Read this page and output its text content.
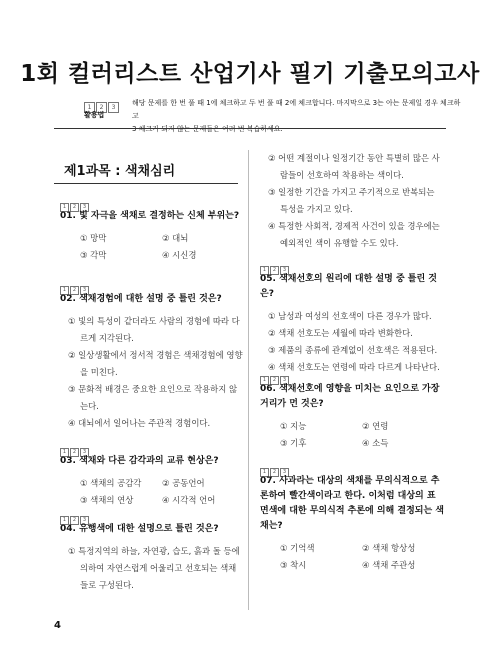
1회 컬러리스트 산업기사 필기 기출모의고사
1 2 3
활용법
해당 문제를 한 번 풀 때 1에 체크하고 두 번 풀 때 2에 체크합니다. 마지막으로 3는 아는 문제일 경우 체크하고
3 체크가 되지 않는 문제들은 여러 번 복습하세요.
제1과목 : 색채심리
1 2 3
01. 빛 자극을 색채로 결정하는 신체 부위는?
① 망막	② 대뇌
③ 각막	④ 시신경
1 2 3
02. 색채경험에 대한 설명 중 틀린 것은?
① 빛의 특성이 같더라도 사람의 경험에 따라 다르게 지각된다.
② 일상생활에서 정서적 경험은 색채경험에 영향을 미친다.
③ 문화적 배경은 중요한 요인으로 작용하지 않는다.
④ 대뇌에서 일어나는 주관적 경험이다.
1 2 3
03. 색채와 다른 감각과의 교류 현상은?
① 색채의 공감각	② 공동언어
③ 색채의 연상	④ 시각적 언어
1 2 3
04. 유행색에 대한 설명으로 틀린 것은?
① 특정지역의 하늘, 자연광, 습도, 흙과 돌 등에 의하여 자연스럽게 어울리고 선호되는 색채들로 구성된다.
② 어떤 계절이나 일정기간 동안 특별히 많은 사람들이 선호하여 착용하는 색이다.
③ 일정한 기간을 가지고 주기적으로 반복되는 특성을 가지고 있다.
④ 특정한 사회적, 경제적 사건이 있을 경우에는 예외적인 색이 유행할 수도 있다.
1 2 3
05. 색채선호의 원리에 대한 설명 중 틀린 것은?
① 남성과 여성의 선호색이 다른 경우가 많다.
② 색채 선호도는 세월에 따라 변화한다.
③ 제품의 종류에 관계없이 선호색은 적용된다.
④ 색채 선호도는 연령에 따라 다르게 나타난다.
1 2 3
06. 색채선호에 영향을 미치는 요인으로 가장 거리가 먼 것은?
① 지능	② 연령
③ 기후	④ 소득
1 2 3
07. 사과라는 대상의 색채를 무의식적으로 추론하여 빨간색이라고 한다. 이처럼 대상의 표면색에 대한 무의식적 추론에 의해 결정되는 색채는?
① 기억색	② 색채 항상성
③ 착시	④ 색채 주관성
4
